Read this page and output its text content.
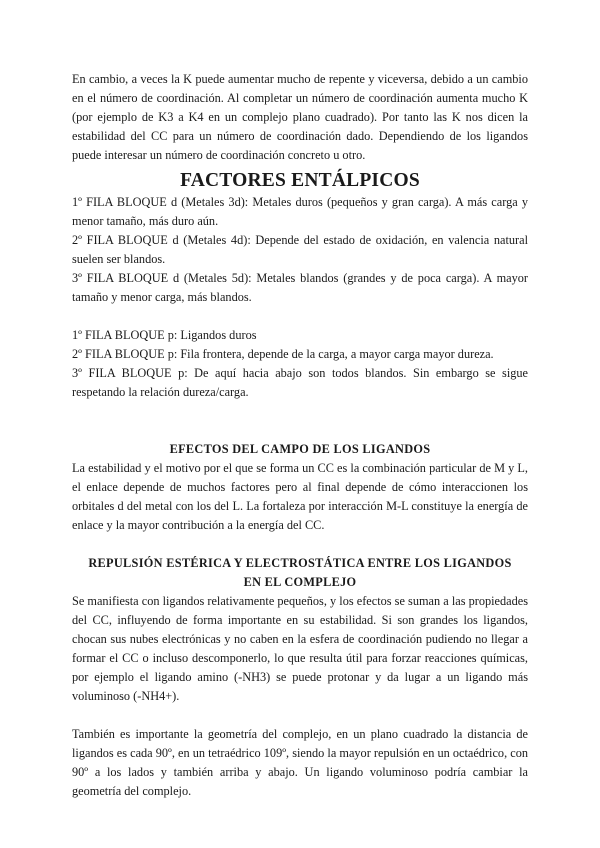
En cambio, a veces la K puede aumentar mucho de repente y viceversa, debido a un cambio en el número de coordinación. Al completar un número de coordinación aumenta mucho K (por ejemplo de K3 a K4 en un complejo plano cuadrado). Por tanto las K nos dicen la estabilidad del CC para un número de coordinación dado. Dependiendo de los ligandos puede interesar un número de coordinación concreto u otro.

FACTORES ENTÁLPICOS

1º FILA BLOQUE d (Metales 3d): Metales duros (pequeños y gran carga). A más carga y menor tamaño, más duro aún.

2º FILA BLOQUE d (Metales 4d): Depende del estado de oxidación, en valencia natural suelen ser blandos.

3º FILA BLOQUE d (Metales 5d): Metales blandos (grandes y de poca carga). A mayor tamaño y menor carga, más blandos.

1º FILA BLOQUE p: Ligandos duros

2º FILA BLOQUE p: Fila frontera, depende de la carga, a mayor carga mayor dureza.

3º FILA BLOQUE p: De aquí hacia abajo son todos blandos. Sin embargo se sigue respetando la relación dureza/carga.

EFECTOS DEL CAMPO DE LOS LIGANDOS

La estabilidad y el motivo por el que se forma un CC es la combinación particular de M y L, el enlace depende de muchos factores pero al final depende de cómo interaccionen los orbitales d del metal con los del L. La fortaleza por interacción M-L constituye la energía de enlace y la mayor contribución a la energía del CC.

REPULSIÓN ESTÉRICA Y ELECTROSTÁTICA ENTRE LOS LIGANDOS
EN EL COMPLEJO

Se manifiesta con ligandos relativamente pequeños, y los efectos se suman a las propiedades del CC, influyendo de forma importante en su estabilidad. Si son grandes los ligandos, chocan sus nubes electrónicas y no caben en la esfera de coordinación pudiendo no llegar a formar el CC o incluso descomponerlo, lo que resulta útil para forzar reacciones químicas, por ejemplo el ligando amino (-NH3) se puede protonar y da lugar a un ligando más voluminoso (-NH4+).

También es importante la geometría del complejo, en un plano cuadrado la distancia de ligandos es cada 90º, en un tetraédrico 109º, siendo la mayor repulsión en un octaédrico, con 90º a los lados y también arriba y abajo. Un ligando voluminoso podría cambiar la geometría del complejo.
